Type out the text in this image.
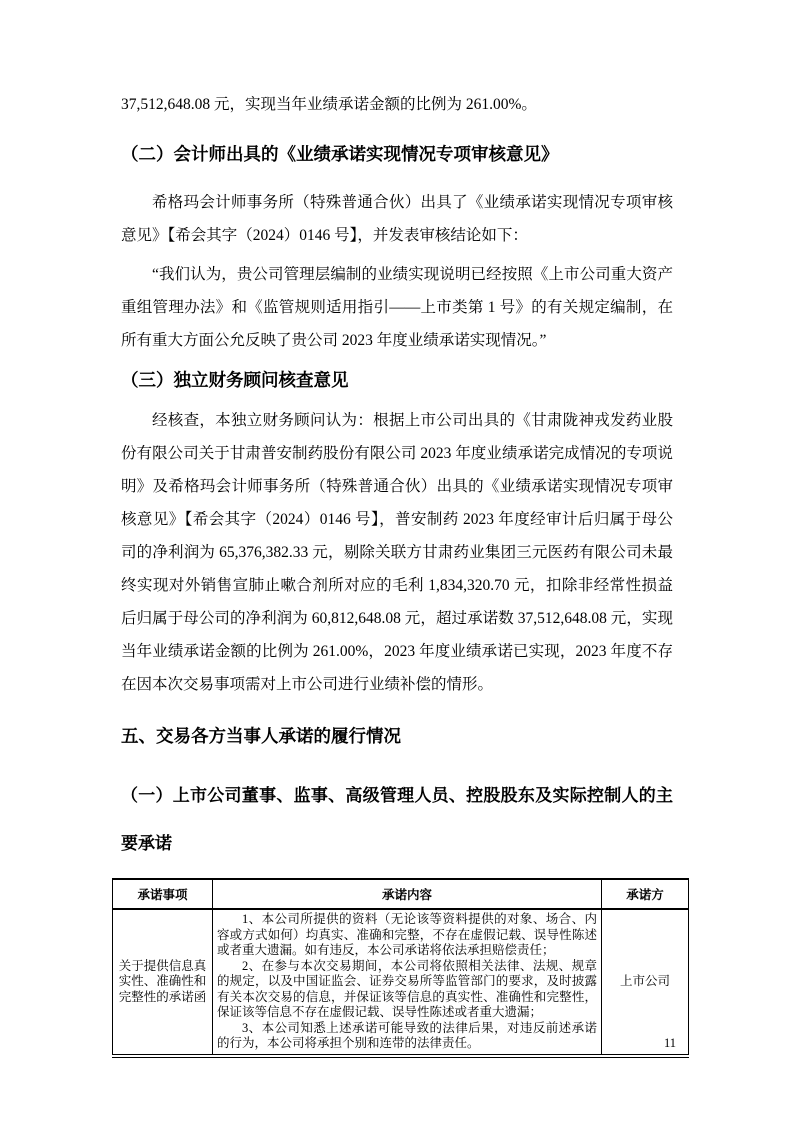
37,512,648.08 元，实现当年业绩承诺金额的比例为 261.00%。

（二）会计师出具的《业绩承诺实现情况专项审核意见》

希格玛会计师事务所（特殊普通合伙）出具了《业绩承诺实现情况专项审核意见》【希会其字（2024）0146 号】，并发表审核结论如下：

“我们认为，贵公司管理层编制的业绩实现说明已经按照《上市公司重大资产重组管理办法》和《监管规则适用指引——上市类第 1 号》的有关规定编制，在所有重大方面公允反映了贵公司 2023 年度业绩承诺实现情况。”

（三）独立财务顾问核查意见

经核查，本独立财务顾问认为：根据上市公司出具的《甘肃陇神戎发药业股份有限公司关于甘肃普安制药股份有限公司 2023 年度业绩承诺完成情况的专项说明》及希格玛会计师事务所（特殊普通合伙）出具的《业绩承诺实现情况专项审核意见》【希会其字（2024）0146 号】，普安制药 2023 年度经审计后归属于母公司的净利润为 65,376,382.33 元，剔除关联方甘肃药业集团三元医药有限公司未最终实现对外销售宣肺止嗽合剂所对应的毛利 1,834,320.70 元，扣除非经常性损益后归属于母公司的净利润为 60,812,648.08 元，超过承诺数 37,512,648.08 元，实现当年业绩承诺金额的比例为 261.00%，2023 年度业绩承诺已实现，2023 年度不存在因本次交易事项需对上市公司进行业绩补偿的情形。

五、交易各方当事人承诺的履行情况
（一）上市公司董事、监事、高级管理人员、控股股东及实际控制人的主要承诺
承诺事项	承诺内容	承诺方
关于提供信息真实性、准确性和完整性的承诺函	1、本公司所提供的资料（无论该等资料提供的对象、场合、内容或方式如何）均真实、准确和完整，不存在虚假记载、误导性陈述或者重大遗漏。如有违反，本公司承诺将依法承担赔偿责任；

2、在参与本次交易期间，本公司将依照相关法律、法规、规章的规定，以及中国证监会、证券交易所等监管部门的要求，及时披露有关本次交易的信息，并保证该等信息的真实性、准确性和完整性，保证该等信息不存在虚假记载、误导性陈述或者重大遗漏；

3、本公司知悉上述承诺可能导致的法律后果，对违反前述承诺的行为，本公司将承担个别和连带的法律责任。	上市公司
11
